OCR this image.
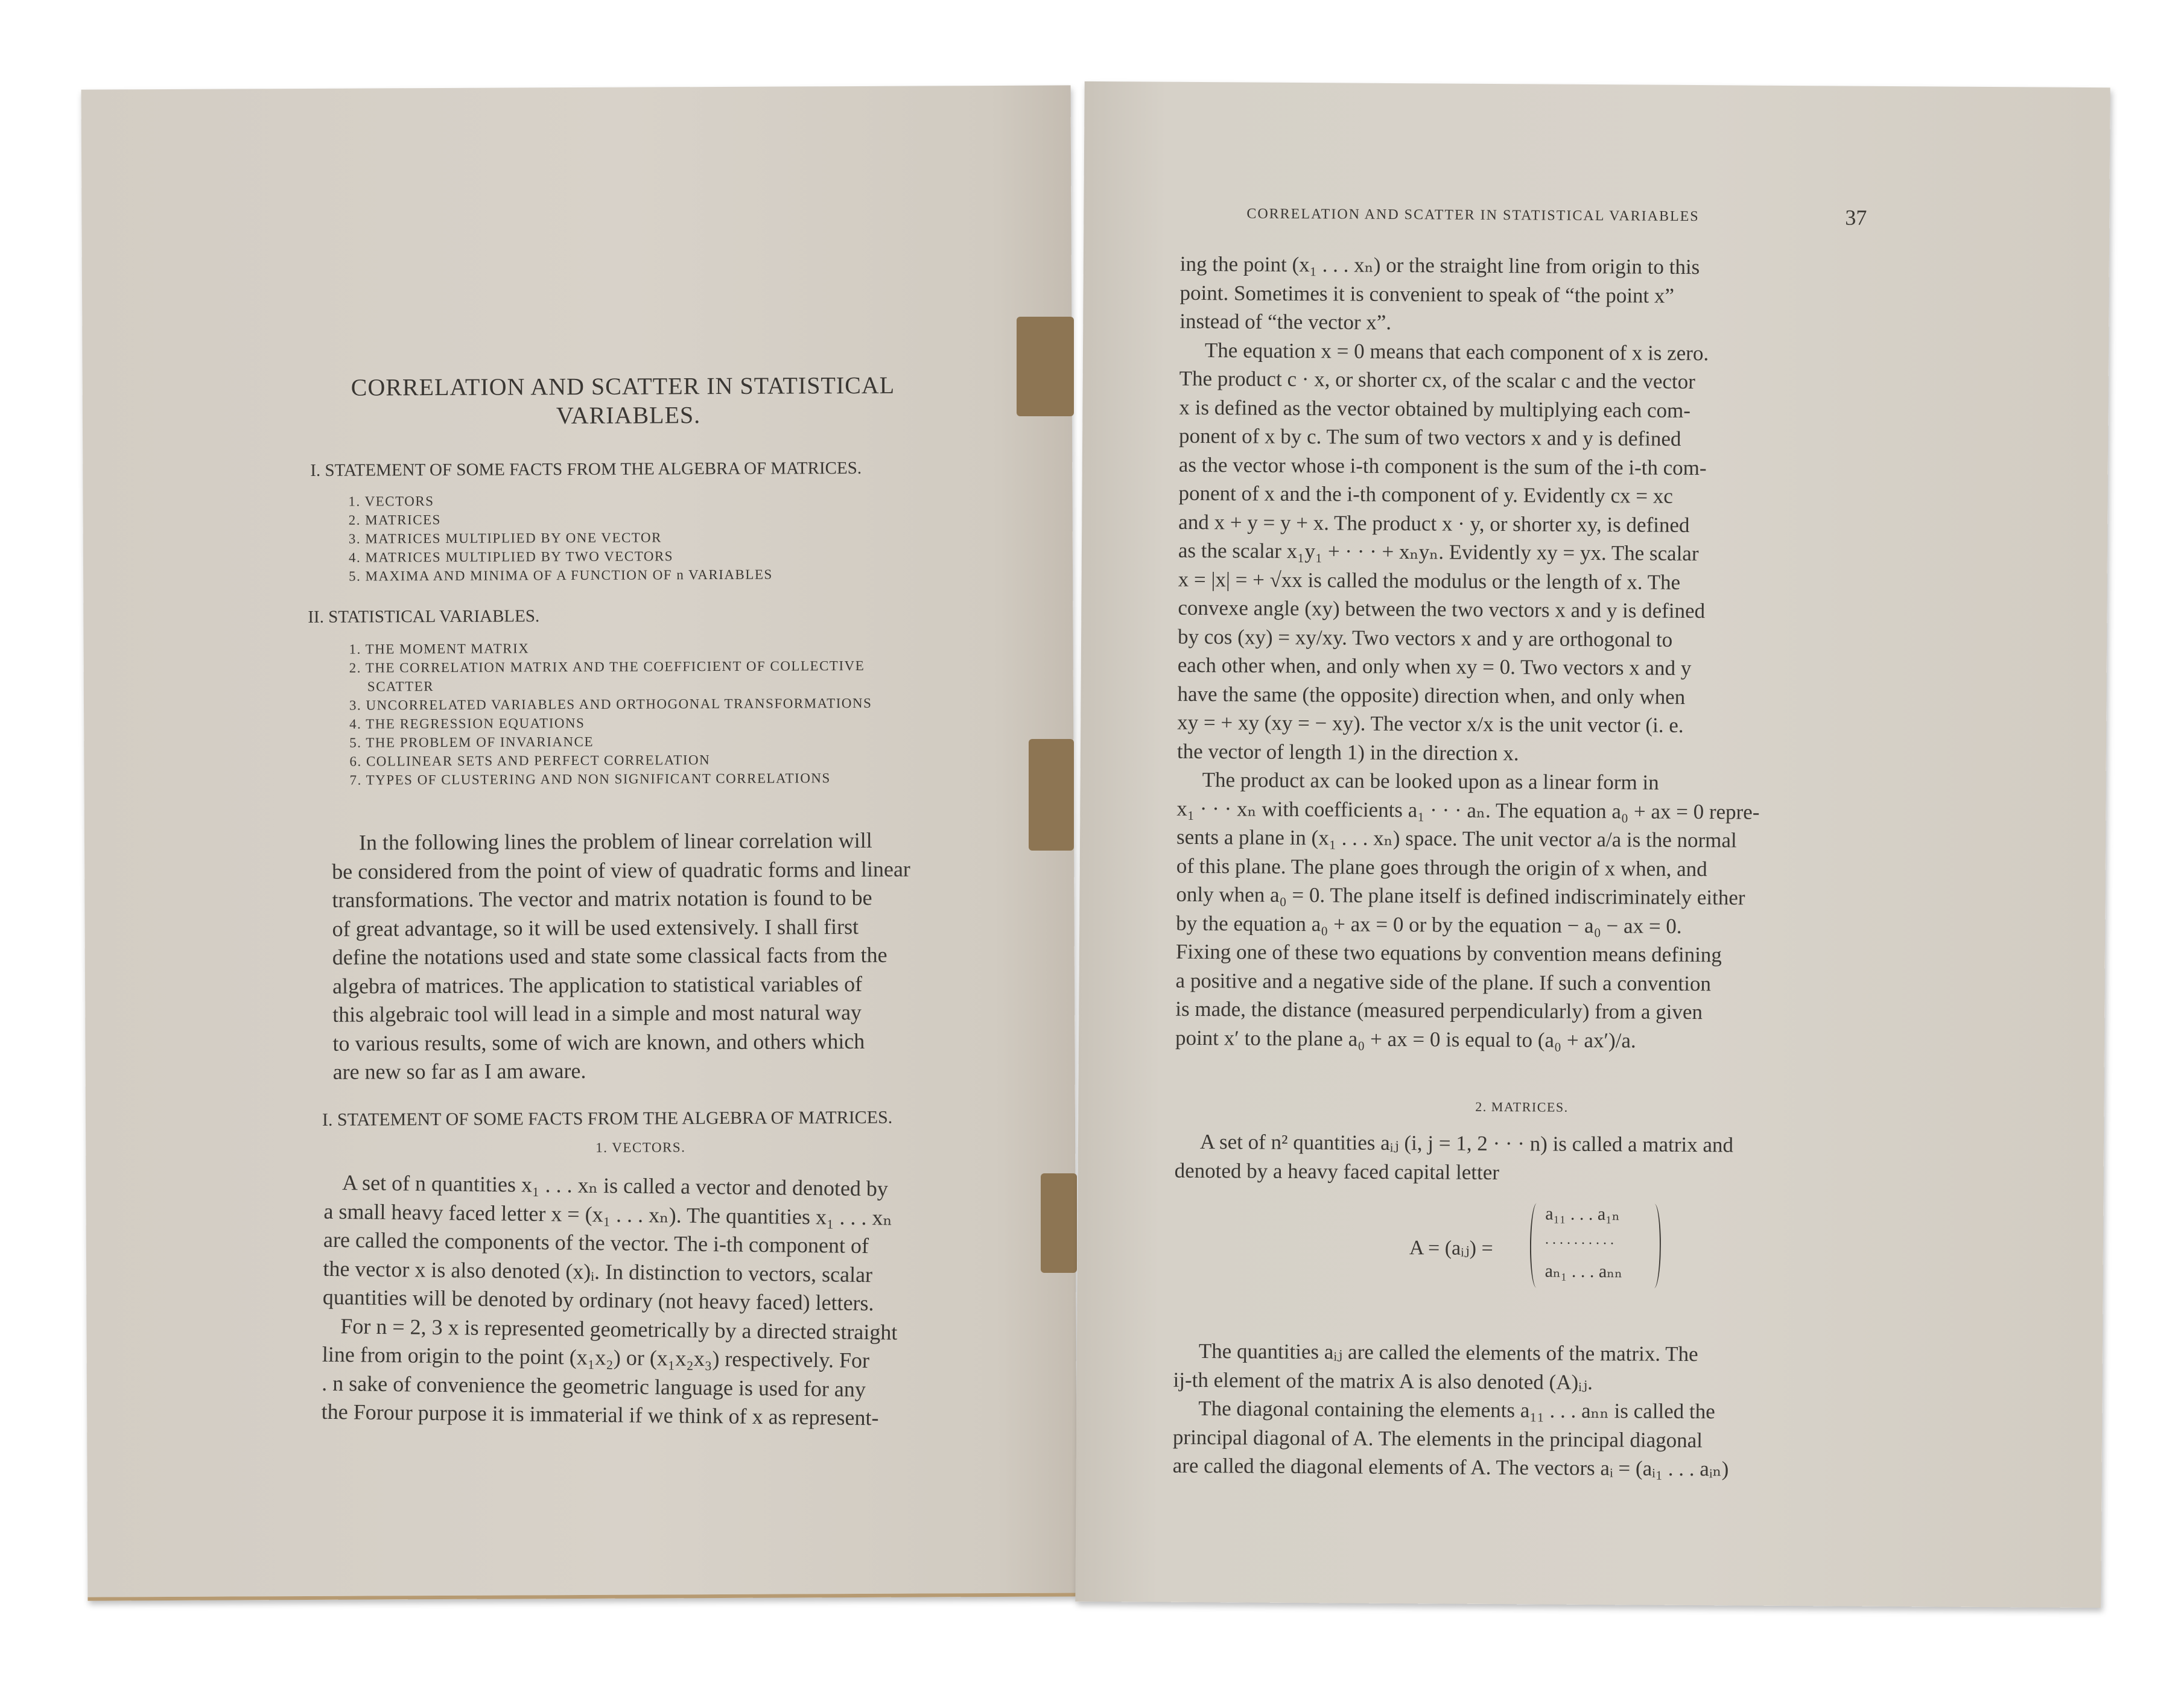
CORRELATION AND SCATTER IN STATISTICAL
VARIABLES.
I. STATEMENT OF SOME FACTS FROM THE ALGEBRA OF MATRICES.
1. VECTORS
2. MATRICES
3. MATRICES MULTIPLIED BY ONE VECTOR
4. MATRICES MULTIPLIED BY TWO VECTORS
5. MAXIMA AND MINIMA OF A FUNCTION OF n VARIABLES
II. STATISTICAL VARIABLES.
1. THE MOMENT MATRIX
2. THE CORRELATION MATRIX AND THE COEFFICIENT OF COLLECTIVE
SCATTER
3. UNCORRELATED VARIABLES AND ORTHOGONAL TRANSFORMATIONS
4. THE REGRESSION EQUATIONS
5. THE PROBLEM OF INVARIANCE
6. COLLINEAR SETS AND PERFECT CORRELATION
7. TYPES OF CLUSTERING AND NON SIGNIFICANT CORRELATIONS
In the following lines the problem of linear correlation will
be considered from the point of view of quadratic forms and linear
transformations. The vector and matrix notation is found to be
of great advantage, so it will be used extensively. I shall first
define the notations used and state some classical facts from the
algebra of matrices. The application to statistical variables of
this algebraic tool will lead in a simple and most natural way
to various results, some of wich are known, and others which
are new so far as I am aware.
I. STATEMENT OF SOME FACTS FROM THE ALGEBRA OF MATRICES.
1. VECTORS.
A set of n quantities x₁ . . . xₙ is called a vector and denoted by
a small heavy faced letter x = (x₁ . . . xₙ). The quantities x₁ . . . xₙ
are called the components of the vector. The i-th component of
the vector x is also denoted (x)ᵢ. In distinction to vectors, scalar
quantities will be denoted by ordinary (not heavy faced) letters.
For n = 2, 3 x is represented geometrically by a directed straight
line from origin to the point (x₁x₂) or (x₁x₂x₃) respectively. For
. n sake of convenience the geometric language is used for any
the Forour purpose it is immaterial if we think of x as represent-
CORRELATION AND SCATTER IN STATISTICAL VARIABLES	37
ing the point (x₁ . . . xₙ) or the straight line from origin to this
point. Sometimes it is convenient to speak of “the point x”
instead of “the vector x”.
The equation x = 0 means that each component of x is zero.
The product c · x, or shorter cx, of the scalar c and the vector
x is defined as the vector obtained by multiplying each com-
ponent of x by c. The sum of two vectors x and y is defined
as the vector whose i-th component is the sum of the i-th com-
ponent of x and the i-th component of y. Evidently cx = xc
and x + y = y + x. The product x · y, or shorter xy, is defined
as the scalar x₁y₁ + · · · + xₙyₙ. Evidently xy = yx. The scalar
x = |x| = + √xx is called the modulus or the length of x. The
convexe angle (xy) between the two vectors x and y is defined
by cos (xy) = xy/xy. Two vectors x and y are orthogonal to
each other when, and only when xy = 0. Two vectors x and y
have the same (the opposite) direction when, and only when
xy = + xy (xy = − xy). The vector x/x is the unit vector (i. e.
the vector of length 1) in the direction x.
The product ax can be looked upon as a linear form in
x₁ · · · xₙ with coefficients a₁ · · · aₙ. The equation a₀ + ax = 0 repre-
sents a plane in (x₁ . . . xₙ) space. The unit vector a/a is the normal
of this plane. The plane goes through the origin of x when, and
only when a₀ = 0. The plane itself is defined indiscriminately either
by the equation a₀ + ax = 0 or by the equation − a₀ − ax = 0.
Fixing one of these two equations by convention means defining
a positive and a negative side of the plane. If such a convention
is made, the distance (measured perpendicularly) from a given
point x′ to the plane a₀ + ax = 0 is equal to (a₀ + ax′)/a.
2. MATRICES.
A set of n² quantities aᵢⱼ (i, j = 1, 2 · · · n) is called a matrix and
denoted by a heavy faced capital letter
A = (aᵢⱼ) =
a₁₁ . . . a₁ₙ
. . . . . . . . . .
aₙ₁ . . . aₙₙ
The quantities aᵢⱼ are called the elements of the matrix. The
ij-th element of the matrix A is also denoted (A)ᵢⱼ.
The diagonal containing the elements a₁₁ . . . aₙₙ is called the
principal diagonal of A. The elements in the principal diagonal
are called the diagonal elements of A. The vectors aᵢ = (aᵢ₁ . . . aᵢₙ)
